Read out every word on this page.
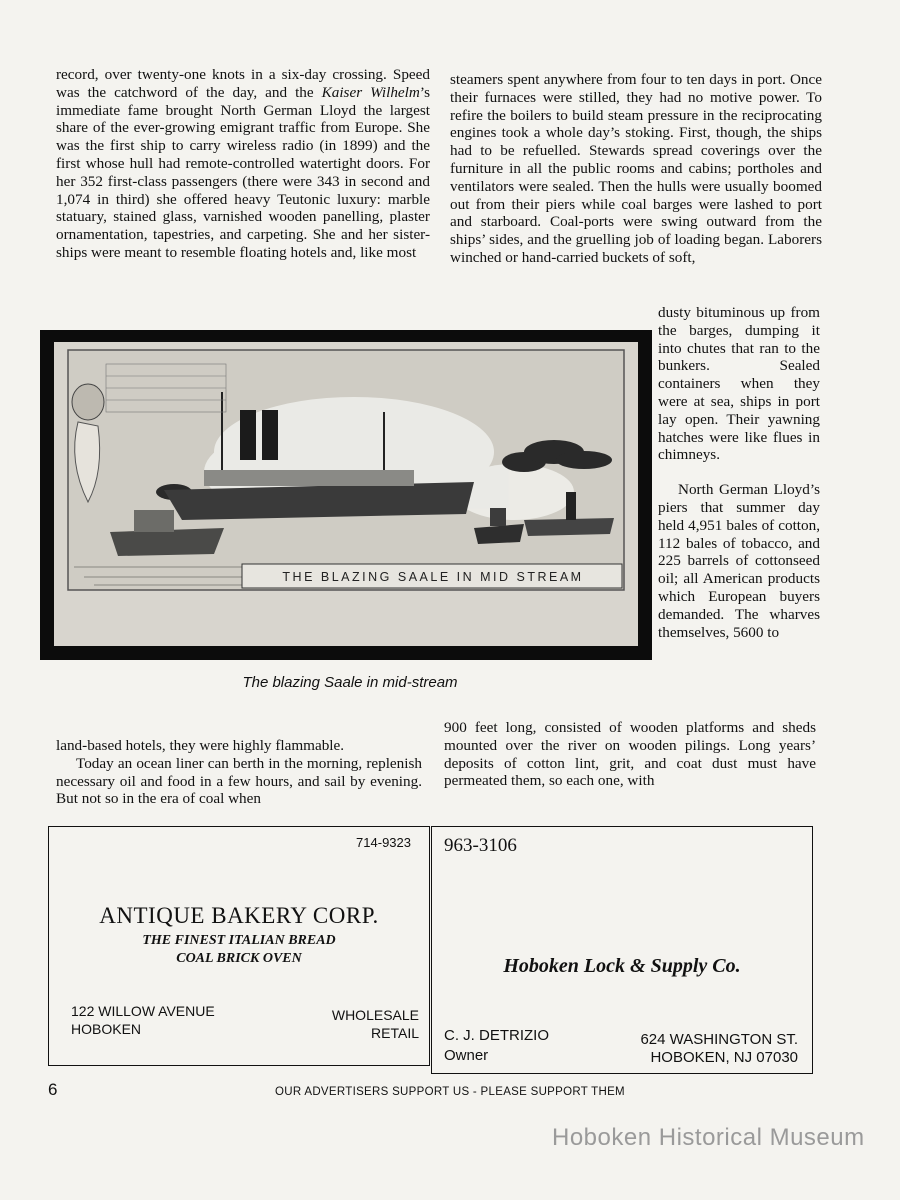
record, over twenty-one knots in a six-day crossing. Speed was the catchword of the day, and the Kaiser Wilhelm’s immediate fame brought North German Lloyd the largest share of the ever-growing emigrant traffic from Europe. She was the first ship to carry wireless radio (in 1899) and the first whose hull had remote-controlled watertight doors. For her 352 first-class passengers (there were 343 in second and 1,074 in third) she offered heavy Teutonic luxury: marble statuary, stained glass, varnished wooden panelling, plaster ornamentation, tapestries, and carpeting. She and her sister-ships were meant to resemble floating hotels and, like most

steamers spent anywhere from four to ten days in port. Once their furnaces were stilled, they had no motive power. To refire the boilers to build steam pressure in the reciprocating engines took a whole day’s stoking. First, though, the ships had to be refuelled. Stewards spread coverings over the furniture in all the public rooms and cabins; portholes and ventilators were sealed. Then the hulls were usually boomed out from their piers while coal barges were lashed to port and starboard. Coal-ports were swing outward from the ships’ sides, and the gruelling job of loading began. Laborers winched or hand-carried buckets of soft,

dusty bituminous up from the barges, dumping it into chutes that ran to the bunkers. Sealed containers when they were at sea, ships in port lay open. Their yawning hatches were like flues in chimneys.

North German Lloyd’s piers that summer day held 4,951 bales of cotton, 112 bales of tobacco, and 225 barrels of cottonseed oil; all American products which European buyers demanded. The wharves themselves, 5600 to

THE BLAZING SAALE IN MID STREAM
The blazing Saale in mid-stream

land-based hotels, they were highly flammable.

Today an ocean liner can berth in the morning, replenish necessary oil and food in a few hours, and sail by evening. But not so in the era of coal when

900 feet long, consisted of wooden platforms and sheds mounted over the river on wooden pilings. Long years’ deposits of cotton lint, grit, and coat dust must have permeated them, so each one, with

714-9323
ANTIQUE BAKERY CORP.
THE FINEST ITALIAN BREAD
COAL BRICK OVEN
122 WILLOW AVENUE
HOBOKEN
WHOLESALE
RETAIL
963-3106
Hoboken Lock & Supply Co.
C. J. DETRIZIO
Owner
624 WASHINGTON ST.
HOBOKEN, NJ 07030
6	OUR ADVERTISERS SUPPORT US - PLEASE SUPPORT THEM
Hoboken Historical Museum
